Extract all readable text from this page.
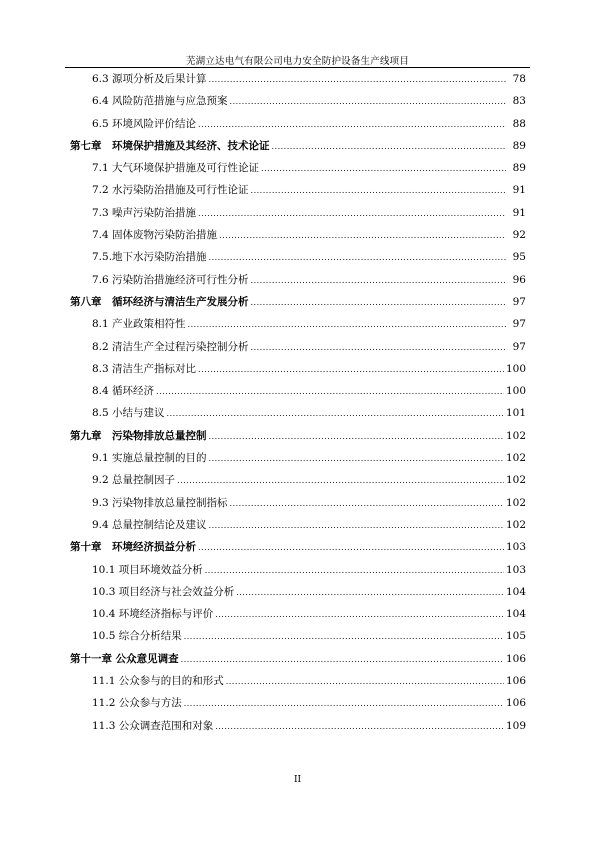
芜湖立达电气有限公司电力安全防护设备生产线项目
6.3 源项分析及后果计算 .....	78
6.4 风险防范措施与应急预案 .....	83
6.5 环境风险评价结论 .....	88
第七章　环境保护措施及其经济、技术论证 .....	89
7.1 大气环境保护措施及可行性论证 .....	89
7.2 水污染防治措施及可行性论证 .....	91
7.3 噪声污染防治措施 .....	91
7.4 固体废物污染防治措施 .....	92
7.5.地下水污染防治措施 .....	95
7.6 污染防治措施经济可行性分析 .....	96
第八章　循环经济与清洁生产发展分析 .....	97
8.1 产业政策相符性 .....	97
8.2 清洁生产全过程污染控制分析 .....	97
8.3 清洁生产指标对比 .....	100
8.4 循环经济 .....	100
8.5 小结与建议 .....	101
第九章　污染物排放总量控制 .....	102
9.1 实施总量控制的目的 .....	102
9.2 总量控制因子 .....	102
9.3 污染物排放总量控制指标 .....	102
9.4 总量控制结论及建议 .....	102
第十章　环境经济损益分析 .....	103
10.1 项目环境效益分析 .....	103
10.3 项目经济与社会效益分析 .....	104
10.4 环境经济指标与评价 .....	104
10.5 综合分析结果 .....	105
第十一章 公众意见调查 .....	106
11.1 公众参与的目的和形式 .....	106
11.2 公众参与方法 .....	106
11.3 公众调查范围和对象 .....	109
II
